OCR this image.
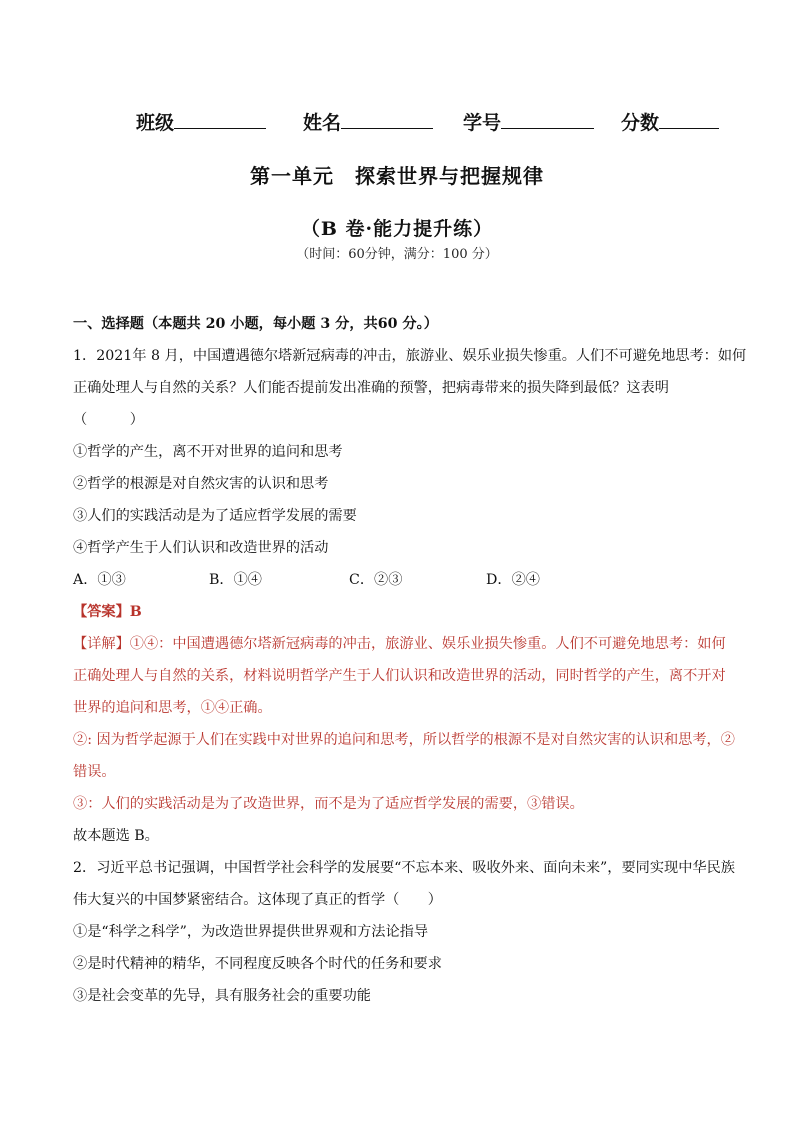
班级	姓名	学号	分数
第一单元　探索世界与把握规律
（B 卷·能力提升练）
（时间：60分钟，满分：100 分）
一、选择题（本题共 20 小题，每小题 3 分，共60 分。）
1．2021年 8 月，中国遭遇德尔塔新冠病毒的冲击，旅游业、娱乐业损失惨重。人们不可避免地思考：如何
正确处理人与自然的关系？人们能否提前发出准确的预警，把病毒带来的损失降到最低？这表明
（　　　）
①哲学的产生，离不开对世界的追问和思考
②哲学的根源是对自然灾害的认识和思考
③人们的实践活动是为了适应哲学发展的需要
④哲学产生于人们认识和改造世界的活动
A．①③	B．①④	C．②③	D．②④
【答案】B
【详解】①④：中国遭遇德尔塔新冠病毒的冲击，旅游业、娱乐业损失惨重。人们不可避免地思考：如何
正确处理人与自然的关系，材料说明哲学产生于人们认识和改造世界的活动，同时哲学的产生，离不开对
世界的追问和思考，①④正确。
②: 因为哲学起源于人们在实践中对世界的追问和思考，所以哲学的根源不是对自然灾害的认识和思考，②
错误。
③：人们的实践活动是为了改造世界，而不是为了适应哲学发展的需要，③错误。
故本题选 B。
2．习近平总书记强调，中国哲学社会科学的发展要“不忘本来、吸收外来、面向未来”，要同实现中华民族
伟大复兴的中国梦紧密结合。这体现了真正的哲学（　　）
①是“科学之科学”，为改造世界提供世界观和方法论指导
②是时代精神的精华，不同程度反映各个时代的任务和要求
③是社会变革的先导，具有服务社会的重要功能
